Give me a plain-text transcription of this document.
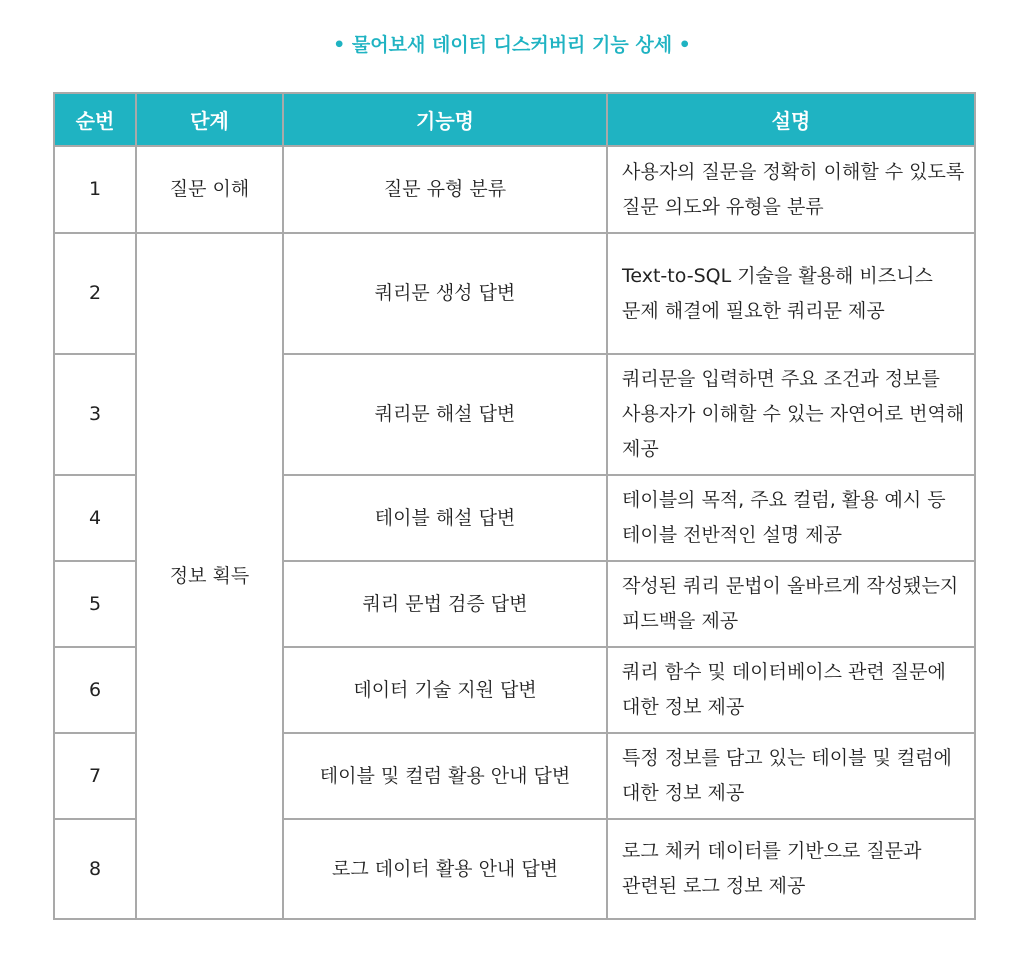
• 물어보새 데이터 디스커버리 기능 상세 •
순번	단계	기능명	설명
1	질문 이해	질문 유형 분류	사용자의 질문을 정확히 이해할 수 있도록 질문 의도와 유형을 분류
2	정보 획득	쿼리문 생성 답변	Text-to-SQL 기술을 활용해 비즈니스 문제 해결에 필요한 쿼리문 제공
3		쿼리문 해설 답변	쿼리문을 입력하면 주요 조건과 정보를 사용자가 이해할 수 있는 자연어로 번역해 제공
4		테이블 해설 답변	테이블의 목적, 주요 컬럼, 활용 예시 등 테이블 전반적인 설명 제공
5		쿼리 문법 검증 답변	작성된 쿼리 문법이 올바르게 작성됐는지 피드백을 제공
6		데이터 기술 지원 답변	쿼리 함수 및 데이터베이스 관련 질문에 대한 정보 제공
7		테이블 및 컬럼 활용 안내 답변	특정 정보를 담고 있는 테이블 및 컬럼에 대한 정보 제공
8		로그 데이터 활용 안내 답변	로그 체커 데이터를 기반으로 질문과 관련된 로그 정보 제공
